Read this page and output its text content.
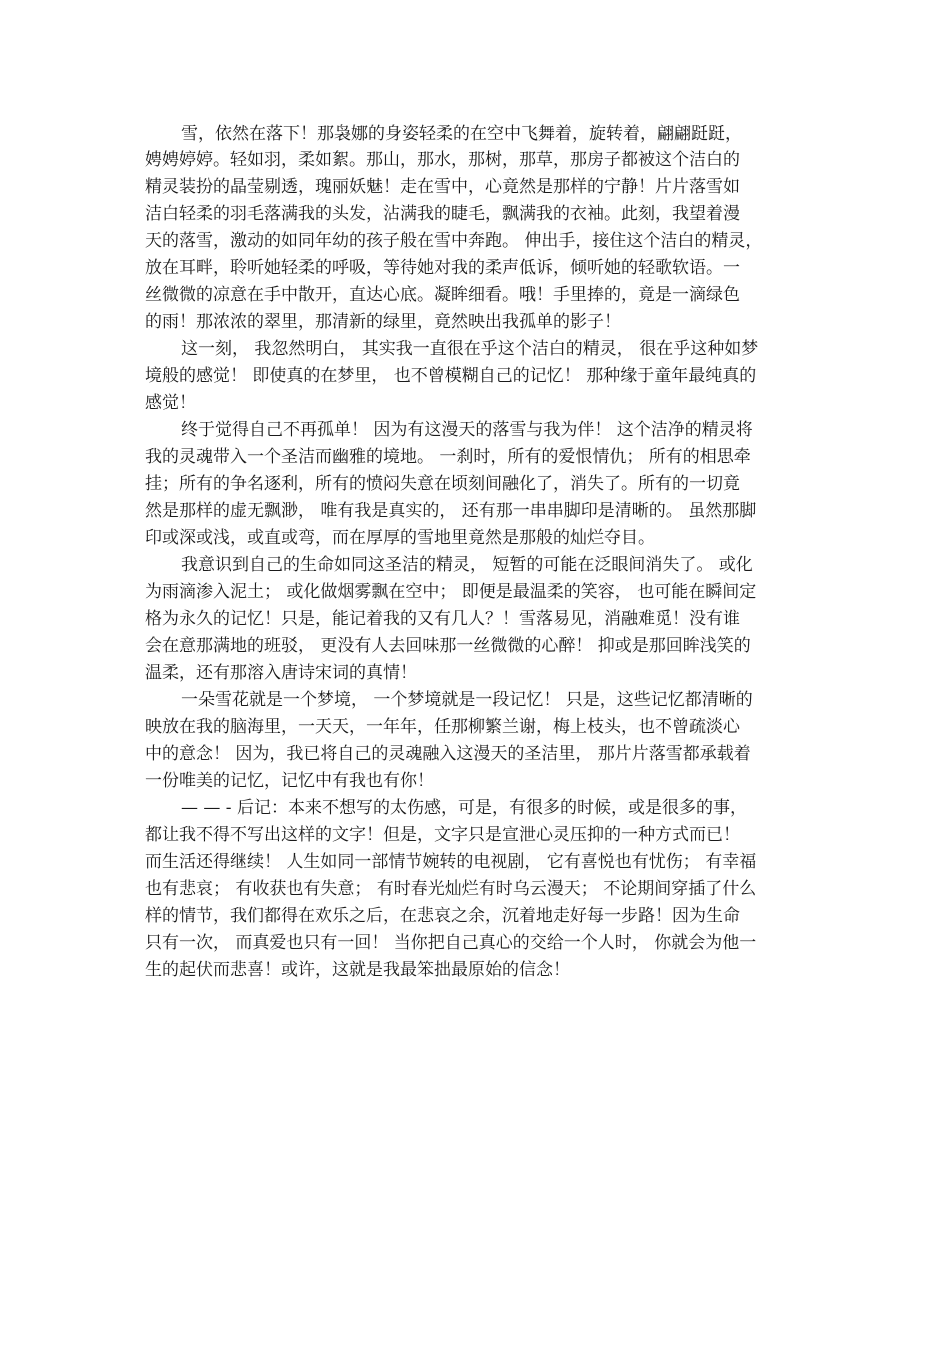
雪，依然在落下！那袅娜的身姿轻柔的在空中飞舞着，旋转着，翩翩跹跹，
娉娉婷婷。轻如羽，柔如絮。那山，那水，那树，那草，那房子都被这个洁白的
精灵装扮的晶莹剔透，瑰丽妖魅！走在雪中，心竟然是那样的宁静！片片落雪如
洁白轻柔的羽毛落满我的头发，沾满我的睫毛，飘满我的衣袖。此刻，我望着漫
天的落雪，激动的如同年幼的孩子般在雪中奔跑。 伸出手，接住这个洁白的精灵，
放在耳畔，聆听她轻柔的呼吸，等待她对我的柔声低诉，倾听她的轻歌软语。一
丝微微的凉意在手中散开，直达心底。凝眸细看。哦！手里捧的，竟是一滴绿色
的雨！那浓浓的翠里，那清新的绿里，竟然映出我孤单的影子！
这一刻， 我忽然明白， 其实我一直很在乎这个洁白的精灵， 很在乎这种如梦
境般的感觉！ 即使真的在梦里， 也不曾模糊自己的记忆！ 那种缘于童年最纯真的
感觉！
终于觉得自己不再孤单！ 因为有这漫天的落雪与我为伴！ 这个洁净的精灵将
我的灵魂带入一个圣洁而幽雅的境地。 一刹时，所有的爱恨情仇； 所有的相思牵
挂；所有的争名逐利，所有的愤闷失意在顷刻间融化了，消失了。所有的一切竟
然是那样的虚无飘渺， 唯有我是真实的， 还有那一串串脚印是清晰的。 虽然那脚
印或深或浅，或直或弯，而在厚厚的雪地里竟然是那般的灿烂夺目。
我意识到自己的生命如同这圣洁的精灵， 短暂的可能在泛眼间消失了。 或化
为雨滴渗入泥土； 或化做烟雾飘在空中； 即便是最温柔的笑容， 也可能在瞬间定
格为永久的记忆！只是，能记着我的又有几人？！雪落易见，消融难觅！没有谁
会在意那满地的班驳， 更没有人去回味那一丝微微的心醉！ 抑或是那回眸浅笑的
温柔，还有那溶入唐诗宋词的真情！
一朵雪花就是一个梦境， 一个梦境就是一段记忆！ 只是，这些记忆都清晰的
映放在我的脑海里，一天天，一年年，任那柳繁兰谢，梅上枝头，也不曾疏淡心
中的意念！ 因为，我已将自己的灵魂融入这漫天的圣洁里， 那片片落雪都承载着
一份唯美的记忆，记忆中有我也有你！
— — - 后记：本来不想写的太伤感，可是，有很多的时候，或是很多的事，
都让我不得不写出这样的文字！但是，文字只是宣泄心灵压抑的一种方式而已！
而生活还得继续！ 人生如同一部情节婉转的电视剧， 它有喜悦也有忧伤； 有幸福
也有悲哀； 有收获也有失意； 有时春光灿烂有时乌云漫天； 不论期间穿插了什么
样的情节，我们都得在欢乐之后，在悲哀之余，沉着地走好每一步路！因为生命
只有一次， 而真爱也只有一回！ 当你把自己真心的交给一个人时， 你就会为他一
生的起伏而悲喜！或许，这就是我最笨拙最原始的信念！
